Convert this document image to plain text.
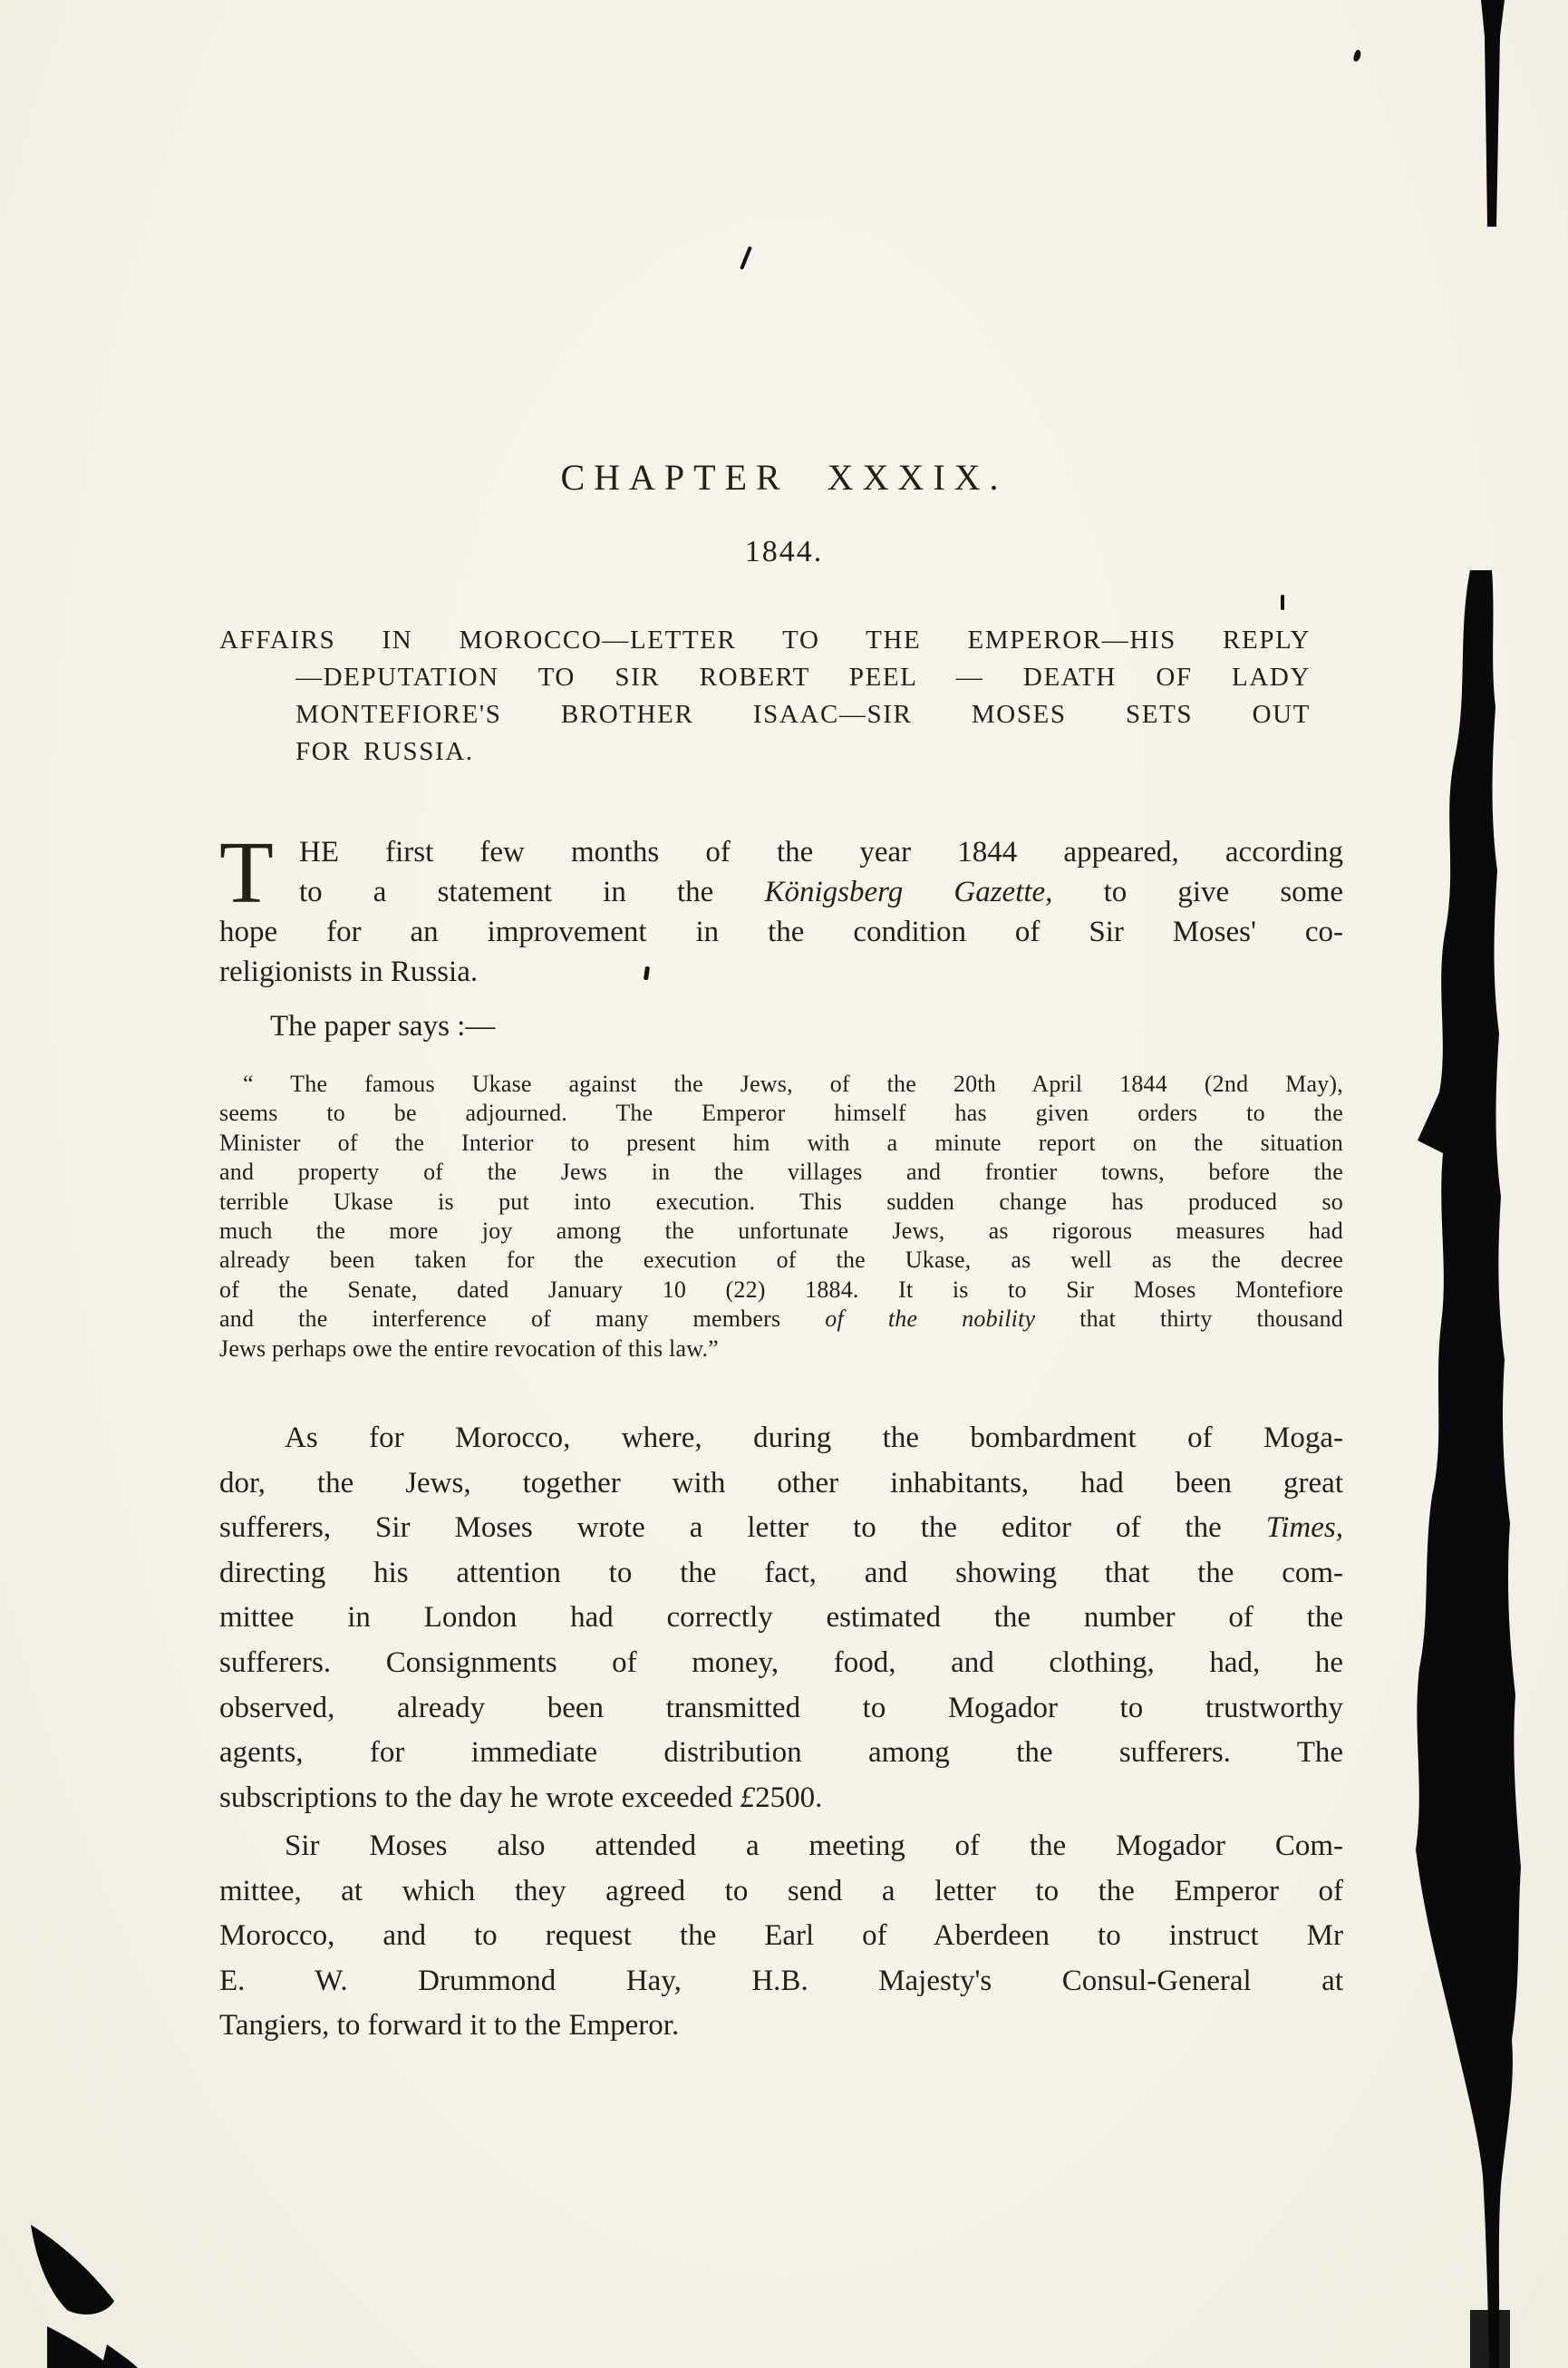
CHAPTER XXXIX.
1844.
AFFAIRS IN MOROCCO—LETTER TO THE EMPEROR—HIS REPLY
—DEPUTATION TO SIR ROBERT PEEL — DEATH OF LADY
MONTEFIORE'S BROTHER ISAAC—SIR MOSES SETS OUT
FOR RUSSIA.
T HE first few months of the year 1844 appeared, according
to a statement in the Königsberg Gazette, to give some
hope for an improvement in the condition of Sir Moses' co-
religionists in Russia.
The paper says :—
“ The famous Ukase against the Jews, of the 20th April 1844 (2nd May),
seems to be adjourned. The Emperor himself has given orders to the
Minister of the Interior to present him with a minute report on the situation
and property of the Jews in the villages and frontier towns, before the
terrible Ukase is put into execution. This sudden change has produced so
much the more joy among the unfortunate Jews, as rigorous measures had
already been taken for the execution of the Ukase, as well as the decree
of the Senate, dated January 10 (22) 1884. It is to Sir Moses Montefiore
and the interference of many members of the nobility that thirty thousand
Jews perhaps owe the entire revocation of this law.”
As for Morocco, where, during the bombardment of Moga-
dor, the Jews, together with other inhabitants, had been great
sufferers, Sir Moses wrote a letter to the editor of the Times,
directing his attention to the fact, and showing that the com-
mittee in London had correctly estimated the number of the
sufferers. Consignments of money, food, and clothing, had, he
observed, already been transmitted to Mogador to trustworthy
agents, for immediate distribution among the sufferers. The
subscriptions to the day he wrote exceeded £2500.
Sir Moses also attended a meeting of the Mogador Com-
mittee, at which they agreed to send a letter to the Emperor of
Morocco, and to request the Earl of Aberdeen to instruct Mr
E. W. Drummond Hay, H.B. Majesty's Consul-General at
Tangiers, to forward it to the Emperor.
